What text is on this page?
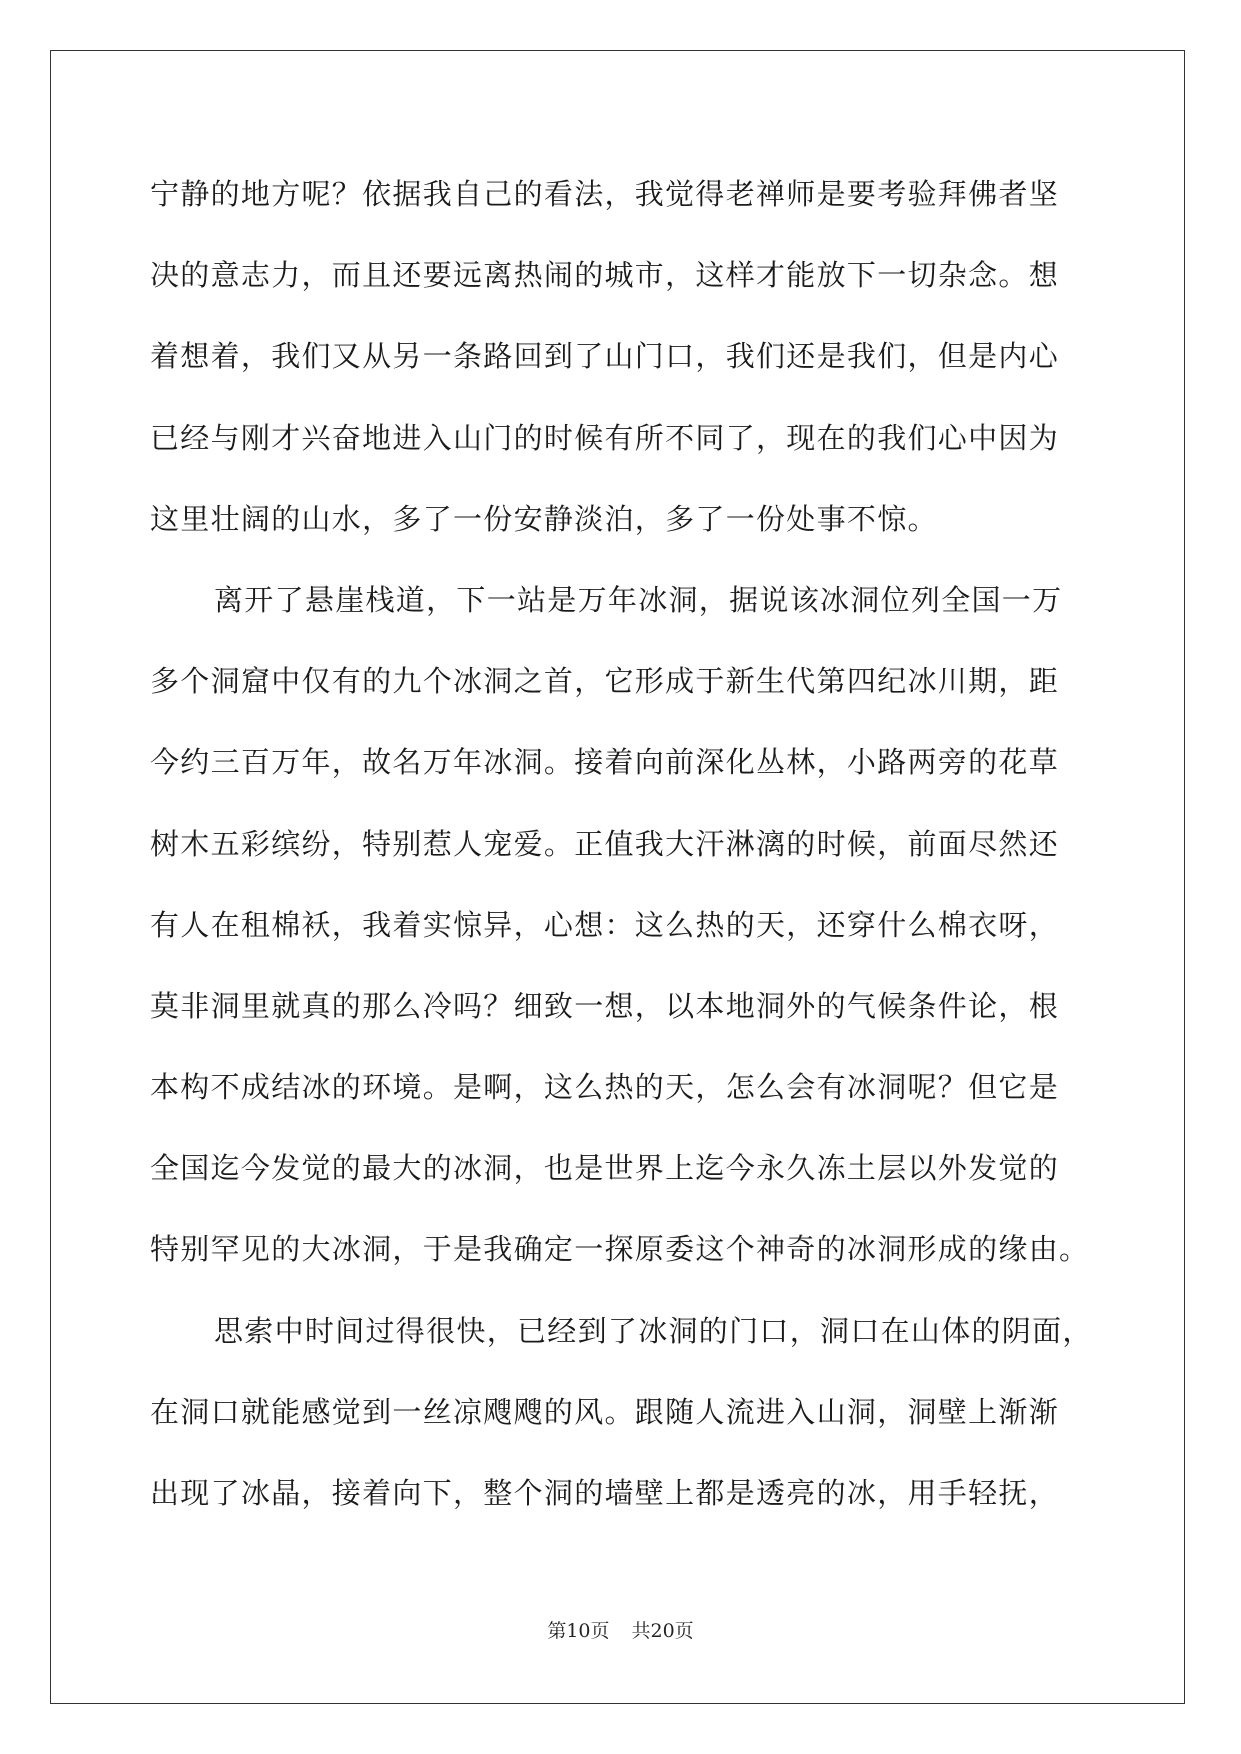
宁静的地方呢？依据我自己的看法，我觉得老禅师是要考验拜佛者坚

决的意志力，而且还要远离热闹的城市，这样才能放下一切杂念。想

着想着，我们又从另一条路回到了山门口，我们还是我们，但是内心

已经与刚才兴奋地进入山门的时候有所不同了，现在的我们心中因为

这里壮阔的山水，多了一份安静淡泊，多了一份处事不惊。

离开了悬崖栈道，下一站是万年冰洞，据说该冰洞位列全国一万

多个洞窟中仅有的九个冰洞之首，它形成于新生代第四纪冰川期，距

今约三百万年，故名万年冰洞。接着向前深化丛林，小路两旁的花草

树木五彩缤纷，特别惹人宠爱。正值我大汗淋漓的时候，前面尽然还

有人在租棉袄，我着实惊异，心想：这么热的天，还穿什么棉衣呀，

莫非洞里就真的那么冷吗？细致一想，以本地洞外的气候条件论，根

本构不成结冰的环境。是啊，这么热的天，怎么会有冰洞呢？但它是

全国迄今发觉的最大的冰洞，也是世界上迄今永久冻土层以外发觉的

特别罕见的大冰洞，于是我确定一探原委这个神奇的冰洞形成的缘由。

思索中时间过得很快，已经到了冰洞的门口，洞口在山体的阴面，

在洞口就能感觉到一丝凉飕飕的风。跟随人流进入山洞，洞壁上渐渐

出现了冰晶，接着向下，整个洞的墙壁上都是透亮的冰，用手轻抚，

第10页 共20页
